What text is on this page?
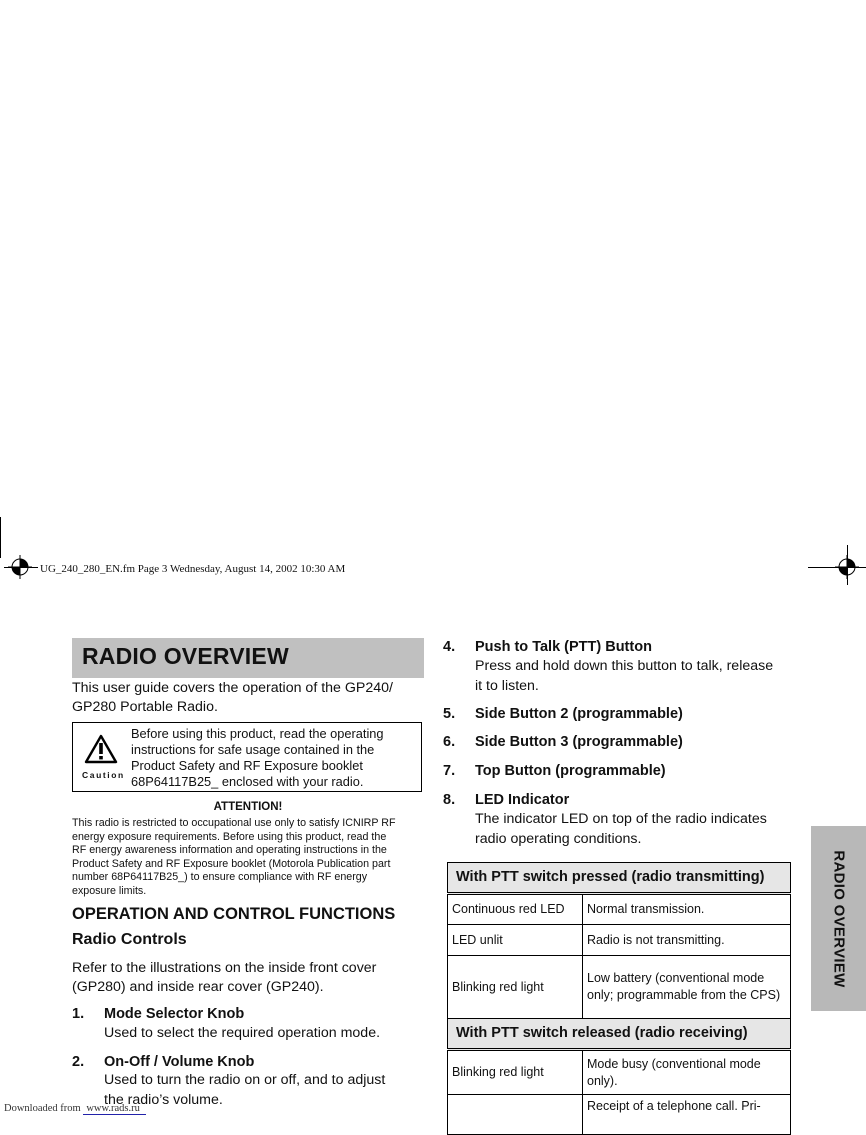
UG_240_280_EN.fm Page 3 Wednesday, August 14, 2002 10:30 AM
RADIO OVERVIEW
This user guide covers the operation of the GP240/
GP280 Portable Radio.
Caution
Before using this product, read the operating
instructions for safe usage contained in the
Product Safety and RF Exposure booklet
68P64117B25_ enclosed with your radio.
ATTENTION!
This radio is restricted to occupational use only to satisfy ICNIRP RF
energy exposure requirements. Before using this product, read the
RF energy awareness information and operating instructions in the
Product Safety and RF Exposure booklet (Motorola Publication part
number 68P64117B25_) to ensure compliance with RF energy
exposure limits.
OPERATION AND CONTROL FUNCTIONS
Radio Controls
Refer to the illustrations on the inside front cover
(GP280) and inside rear cover (GP240).
1. Mode Selector Knob
Used to select the required operation mode.
2. On-Off / Volume Knob
Used to turn the radio on or off, and to adjust
the radio’s volume.
4. Push to Talk (PTT) Button
Press and hold down this button to talk, release
it to listen.
5. Side Button 2 (programmable)
6. Side Button 3 (programmable)
7. Top Button (programmable)
8. LED Indicator
The indicator LED on top of the radio indicates
radio operating conditions.
With PTT switch pressed (radio transmitting)	
Continuous red LED	Normal transmission.
LED unlit	Radio is not transmitting.
Blinking red light	Low battery (conventional mode only; programmable from the CPS)
With PTT switch released (radio receiving)	
Blinking red light	Mode busy (conventional mode only).
	Receipt of a telephone call. Pri-
RADIO OVERVIEW
Downloaded from www.rads.ru
